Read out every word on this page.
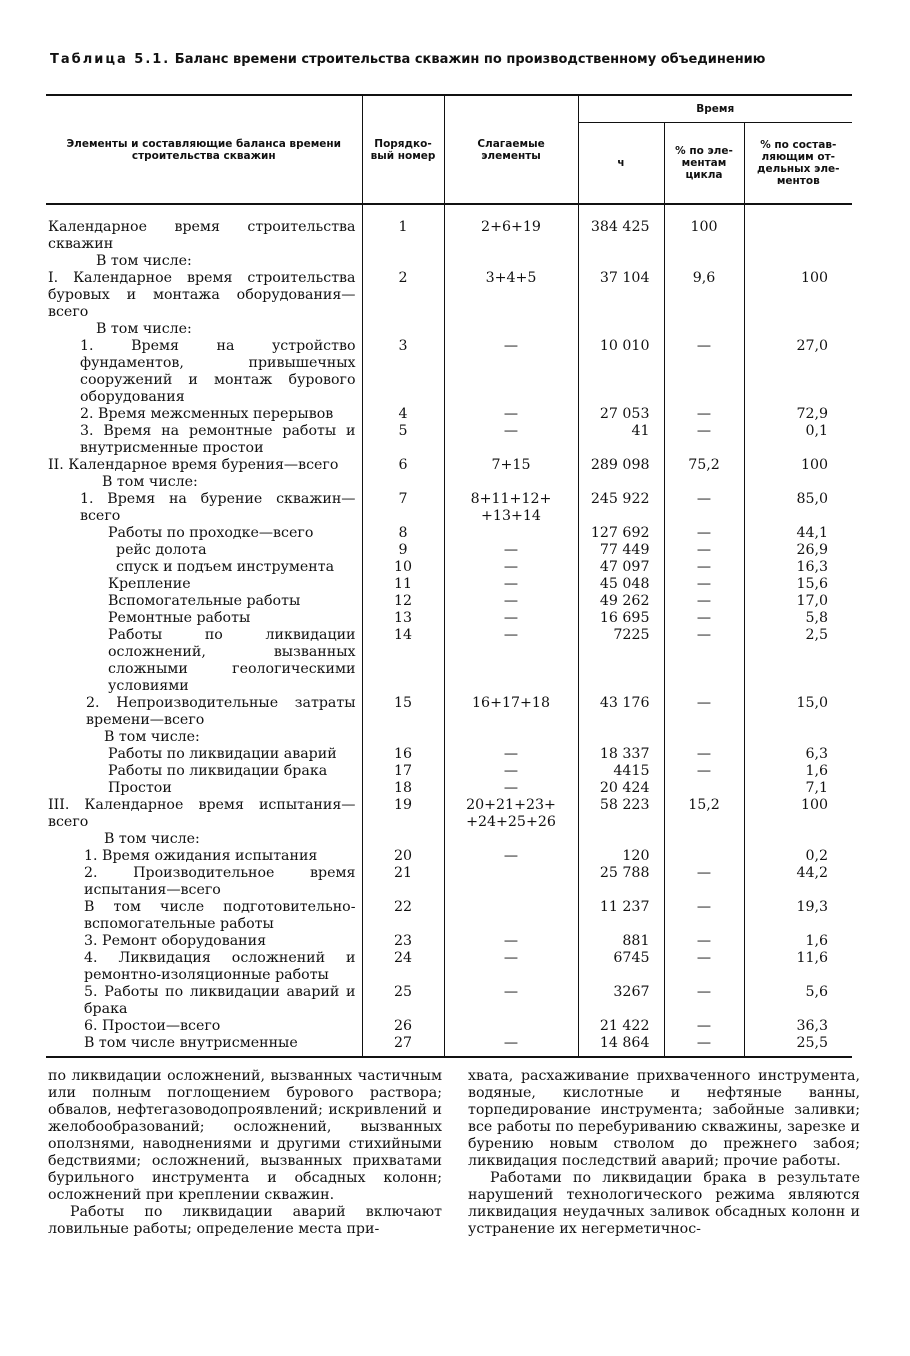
Таблица 5.1. Баланс времени строительства скважин по производственному объединению
Элементы и составляющие баланса времени строительства скважин	Порядко-вый номер	Слагаемые элементы	Время		
			ч	% по эле-ментам цикла	% по состав-ляющим от-дельных эле-ментов
Календарное время строительства скважин	1	2+6+19	384 425	100	
В том числе:					
I. Календарное время строительства буровых и монтажа оборудования—всего	2	3+4+5	37 104	9,6	100
В том числе:					
1. Время на устройство фундаментов, привышечных сооружений и монтаж бурового оборудования	3	—	10 010	—	27,0
2. Время межсменных перерывов	4	—	27 053	—	72,9
3. Время на ремонтные работы и внутрисменные простои	5	—	41	—	0,1
II. Календарное время бурения—всего	6	7+15	289 098	75,2	100
В том числе:					
1. Время на бурение скважин—всего	7	8+11+12+ +13+14	245 922	—	85,0
Работы по проходке—всего	8		127 692	—	44,1
рейс долота	9	—	77 449	—	26,9
спуск и подъем инструмента	10	—	47 097	—	16,3
Крепление	11	—	45 048	—	15,6
Вспомогательные работы	12	—	49 262	—	17,0
Ремонтные работы	13	—	16 695	—	5,8
Работы по ликвидации осложнений, вызванных сложными геологическими условиями	14	—	7225	—	2,5
2. Непроизводительные затраты времени—всего	15	16+17+18	43 176	—	15,0
В том числе:					
Работы по ликвидации аварий	16	—	18 337	—	6,3
Работы по ликвидации брака	17	—	4415	—	1,6
Простои	18	—	20 424		7,1
III. Календарное время испытания—всего	19	20+21+23+ +24+25+26	58 223	15,2	100
В том числе:					
1. Время ожидания испытания	20	—	120		0,2
2. Производительное время испытания—всего	21		25 788	—	44,2
В том числе подготовительно-вспомогательные работы	22		11 237	—	19,3
3. Ремонт оборудования	23	—	881	—	1,6
4. Ликвидация осложнений и ремонтно-изоляционные работы	24	—	6745	—	11,6
5. Работы по ликвидации аварий и брака	25	—	3267	—	5,6
6. Простои—всего	26		21 422	—	36,3
В том числе внутрисменные	27	—	14 864	—	25,5

по ликвидации осложнений, вызванных частичным или полным поглощением бурового раствора; обвалов, нефтегазоводопроявлений; искривлений и желобообразований; осложнений, вызванных оползнями, наводнениями и другими стихийными бедствиями; осложнений, вызванных прихватами бурильного инструмента и обсадных колонн; осложнений при креплении скважин.

Работы по ликвидации аварий включают ловильные работы; определение места при-

хвата, расхаживание прихваченного инструмента, водяные, кислотные и нефтяные ванны, торпедирование инструмента; забойные заливки; все работы по перебуриванию скважины, зарезке и бурению новым стволом до прежнего забоя; ликвидация последствий аварий; прочие работы.

Работами по ликвидации брака в результате нарушений технологического режима являются ликвидация неудачных заливок обсадных колонн и устранение их негерметичнос-
